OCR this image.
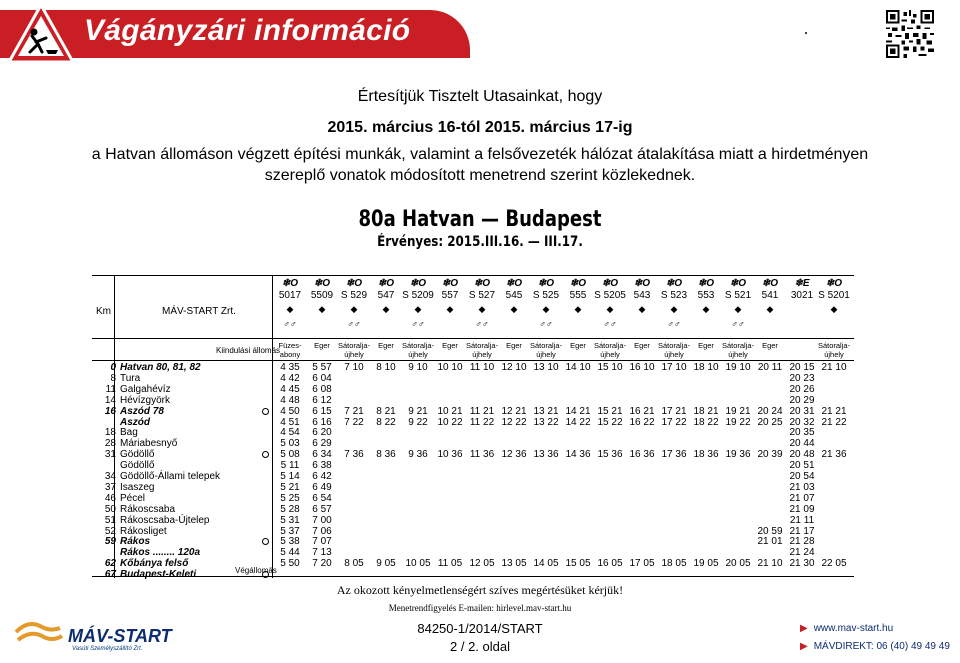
Vágányzári információ
Értesítjük Tisztelt Utasainkat, hogy
2015. március 16-tól 2015. március 17-ig
a Hatvan állomáson végzett építési munkák, valamint a felsővezeték hálózat átalakítása miatt a hirdetményen
szereplő vonatok módosított menetrend szerint közlekednek.
80a Hatvan — Budapest
Érvényes: 2015.III.16. — III.17.
Km	MÁV-START Zrt.
Kiindulási állomás
Végállomás
❄O
5017
◆
♂♂
Füzes- abony
❄O
5509
◆

Eger
❄O
S 529
◆
♂♂
Sátoralja- újhely
❄O
547
◆

Eger
❄O
S 5209
◆
♂♂
Sátoralja- újhely
❄O
557
◆

Eger
❄O
S 527
◆
♂♂
Sátoralja- újhely
❄O
545
◆

Eger
❄O
S 525
◆
♂♂
Sátoralja- újhely
❄O
555
◆

Eger
❄O
S 5205
◆
♂♂
Sátoralja- újhely
❄O
543
◆

Eger
❄O
S 523
◆
♂♂
Sátoralja- újhely
❄O
553
◆

Eger
❄O
S 521
◆
♂♂
Sátoralja- újhely
❄O
541
◆

Eger
❄E
3021

❄O
S 5201
◆

Sátoralja- újhely
0 Hatvan 80, 81, 82
8 Tura
11 Galgahévíz
14 Hévízgyörk
16 Aszód 78
Aszód
18 Bag
28 Máriabesnyő
31 Gödöllő
Gödöllő
34 Gödöllő-Állami telepek
37 Isaszeg
46 Pécel
50 Rákoscsaba
51 Rákoscsaba-Újtelep
52 Rákosliget
59 Rákos
Rákos ........ 120a
62 Kőbánya felső
67 Budapest-Keleti
4 35
4 42
4 45
4 48
4 50
4 51
4 54
5 03
5 08
5 11
5 14
5 21
5 25
5 28
5 31
5 37
5 38
5 44
5 50
5 57
6 04
6 08
6 12
6 15
6 16
6 20
6 29
6 34
6 38
6 42
6 49
6 54
6 57
7 00
7 06
7 07
7 13
7 20
7 10
7 21
7 22
7 36
8 05
8 10
8 21
8 22
8 36
9 05
9 10
9 21
9 22
9 36
10 05
10 10
10 21
10 22
10 36
11 05
11 10
11 21
11 22
11 36
12 05
12 10
12 21
12 22
12 36
13 05
13 10
13 21
13 22
13 36
14 05
14 10
14 21
14 22
14 36
15 05
15 10
15 21
15 22
15 36
16 05
16 10
16 21
16 22
16 36
17 05
17 10
17 21
17 22
17 36
18 05
18 10
18 21
18 22
18 36
19 05
19 10
19 21
19 22
19 36
20 05
20 11
20 24
20 25
20 39
20 59
21 01
21 10
20 15
20 23
20 26
20 29
20 31
20 32
20 35
20 44
20 48
20 51
20 54
21 03
21 07
21 09
21 11
21 17
21 28
21 24
21 30
21 10
21 21
21 22
21 36
22 05
Az okozott kényelmetlenségért szíves megértésüket kérjük!
Menetrendfigyelés E-mailen: hirlevel.mav-start.hu
84250-1/2014/START
2 / 2. oldal
MÁV-START
Vasúti Személyszállító Zrt.
▶ www.mav-start.hu
▶ MÁVDIREKT: 06 (40) 49 49 49
